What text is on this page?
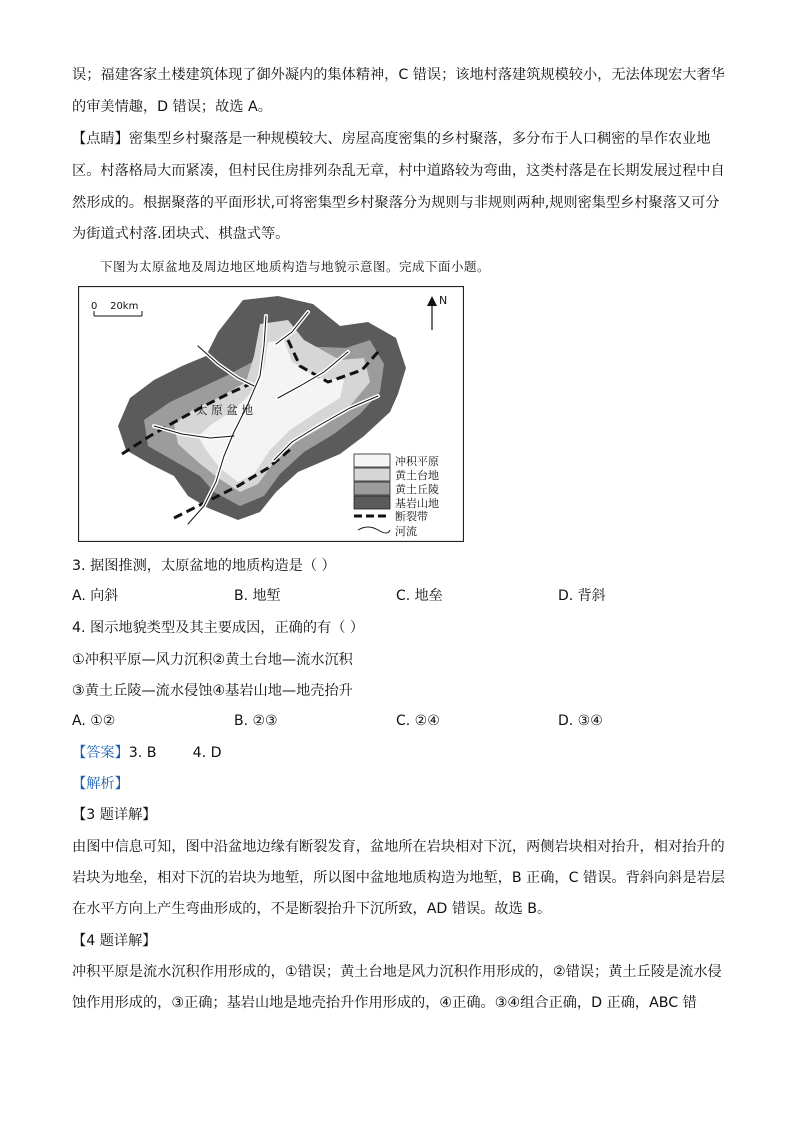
误；福建客家土楼建筑体现了御外凝内的集体精神，C 错误；该地村落建筑规模较小，无法体现宏大奢华
的审美情趣，D 错误；故选 A。
【点睛】密集型乡村聚落是一种规模较大、房屋高度密集的乡村聚落，多分布于人口稠密的旱作农业地
区。村落格局大而紧凑，但村民住房排列杂乱无章，村中道路较为弯曲，这类村落是在长期发展过程中自
然形成的。根据聚落的平面形状,可将密集型乡村聚落分为规则与非规则两种,规则密集型乡村聚落又可分
为街道式村落.团块式、棋盘式等。
下图为太原盆地及周边地区地质构造与地貌示意图。完成下面小题。
太 原 盆 地
0    20km	N
冲积平原
黄土台地
黄土丘陵
基岩山地
断裂带
河流
3. 据图推测，太原盆地的地质构造是（ ）
A. 向斜	B. 地堑	C. 地垒	D. 背斜
4. 图示地貌类型及其主要成因，正确的有（ ）
①冲积平原—风力沉积②黄土台地—流水沉积
③黄土丘陵—流水侵蚀④基岩山地—地壳抬升
A. ①②	B. ②③	C. ②④	D. ③④
【答案】3. B        4. D
【解析】
【3 题详解】
由图中信息可知，图中沿盆地边缘有断裂发育，盆地所在岩块相对下沉，两侧岩块相对抬升，相对抬升的
岩块为地垒，相对下沉的岩块为地堑，所以图中盆地地质构造为地堑，B 正确，C 错误。背斜向斜是岩层
在水平方向上产生弯曲形成的，不是断裂抬升下沉所致，AD 错误。故选 B。
【4 题详解】
冲积平原是流水沉积作用形成的，①错误；黄土台地是风力沉积作用形成的，②错误；黄土丘陵是流水侵
蚀作用形成的，③正确；基岩山地是地壳抬升作用形成的，④正确。③④组合正确，D 正确，ABC 错
